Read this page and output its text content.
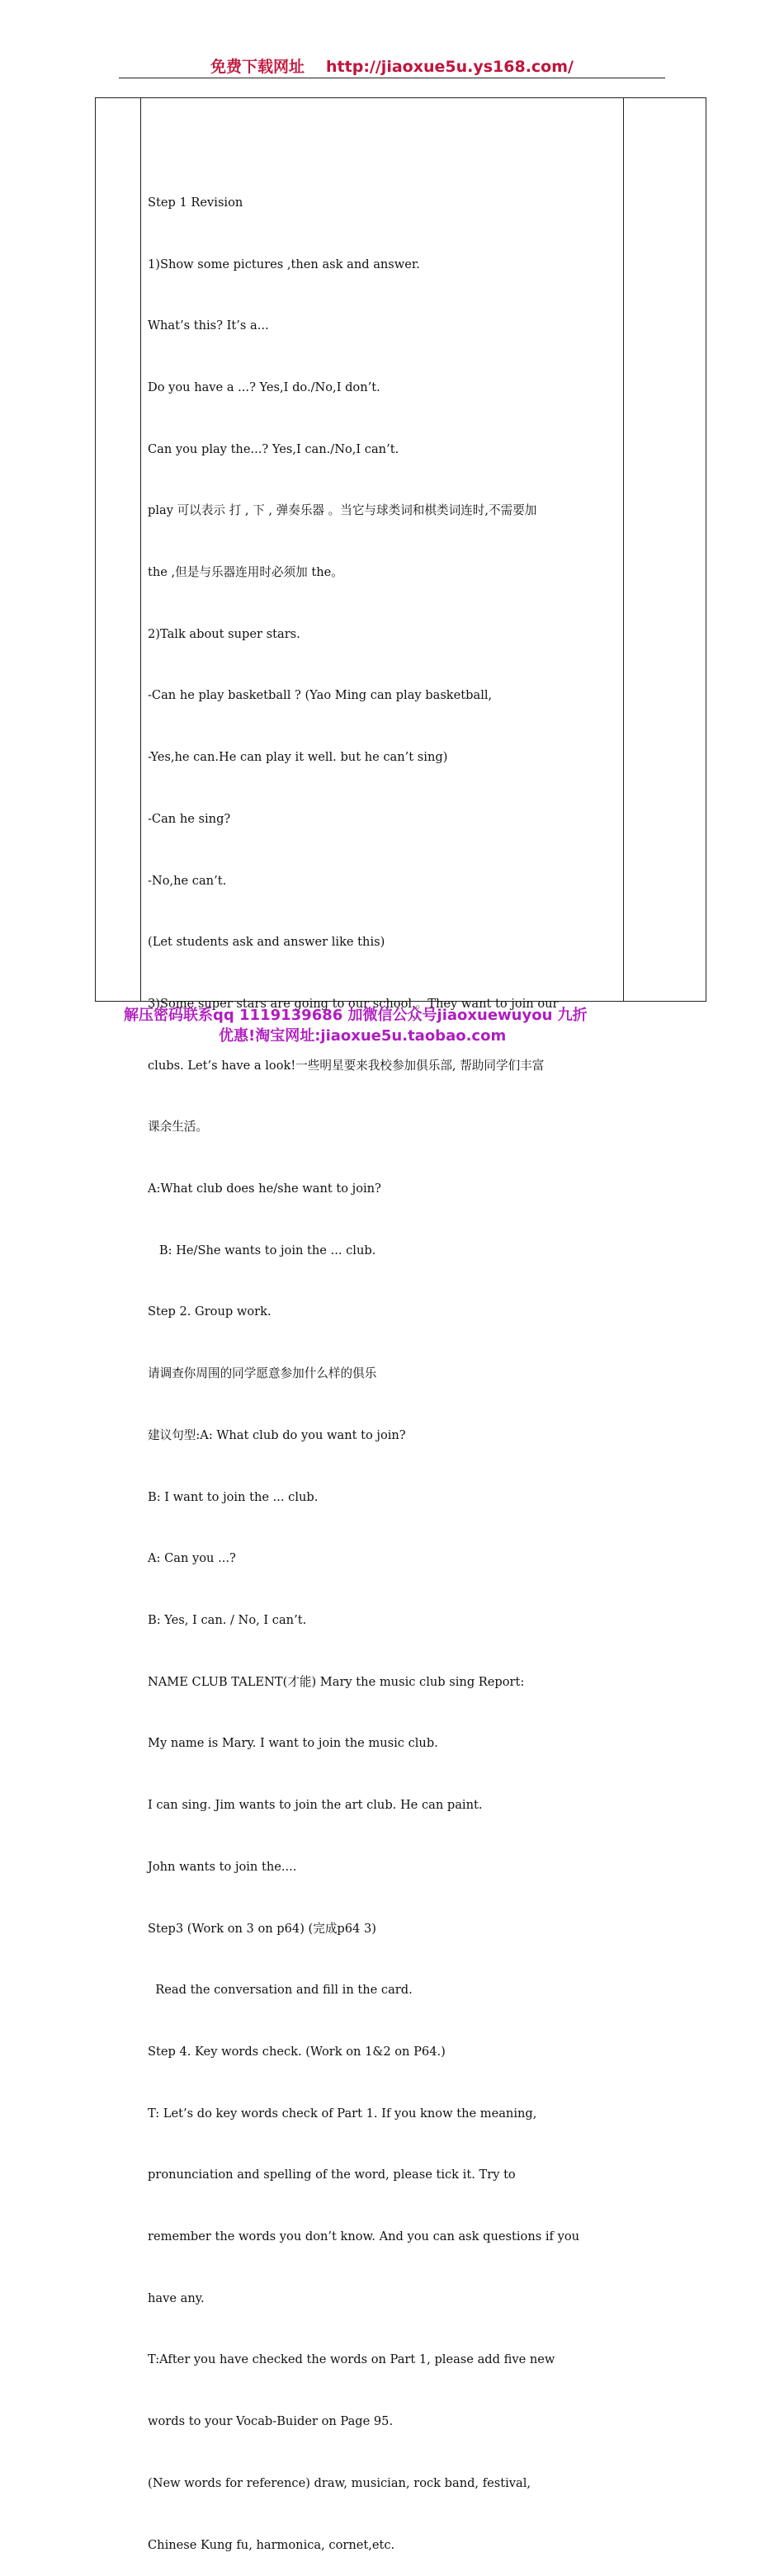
免费下载网址 http://jiaoxue5u.ys168.com/

Step 1 Revision

1)Show some pictures ,then ask and answer.

What’s this? It’s a...

Do you have a ...? Yes,I do./No,I don’t.

Can you play the...? Yes,I can./No,I can’t.

play 可以表示 打 , 下 , 弹奏乐器 。当它与球类词和棋类词连时,不需要加

the ,但是与乐器连用时必须加 the。

2)Talk about super stars.

-Can he play basketball ? (Yao Ming can play basketball,

-Yes,he can.He can play it well. but he can’t sing)

-Can he sing?

-No,he can’t.

(Let students ask and answer like this)

3)Some super stars are going to our school.。They want to join our

clubs. Let’s have a look!一些明星要来我校参加俱乐部, 帮助同学们丰富

课余生活。

A:What club does he/she want to join?

B: He/She wants to join the ... club.

Step 2. Group work.

请调查你周围的同学愿意参加什么样的俱乐

建议句型:A: What club do you want to join?

B: I want to join the ... club.

A: Can you ...?

B: Yes, I can. / No, I can’t.

NAME CLUB TALENT(才能) Mary the music club sing Report:

My name is Mary. I want to join the music club.

I can sing. Jim wants to join the art club. He can paint.

John wants to join the....

Step3 (Work on 3 on p64) (完成p64 3)

Read the conversation and fill in the card.

Step 4. Key words check. (Work on 1&2 on P64.)

T: Let’s do key words check of Part 1. If you know the meaning,

pronunciation and spelling of the word, please tick it. Try to

remember the words you don’t know. And you can ask questions if you

have any.

T:After you have checked the words on Part 1, please add five new

words to your Vocab-Buider on Page 95.

(New words for reference) draw, musician, rock band, festival,

Chinese Kung fu, harmonica, cornet,etc.

解压密码联系qq 1119139686 加微信公众号jiaoxuewuyou 九折
优惠!淘宝网址:jiaoxue5u.taobao.com
